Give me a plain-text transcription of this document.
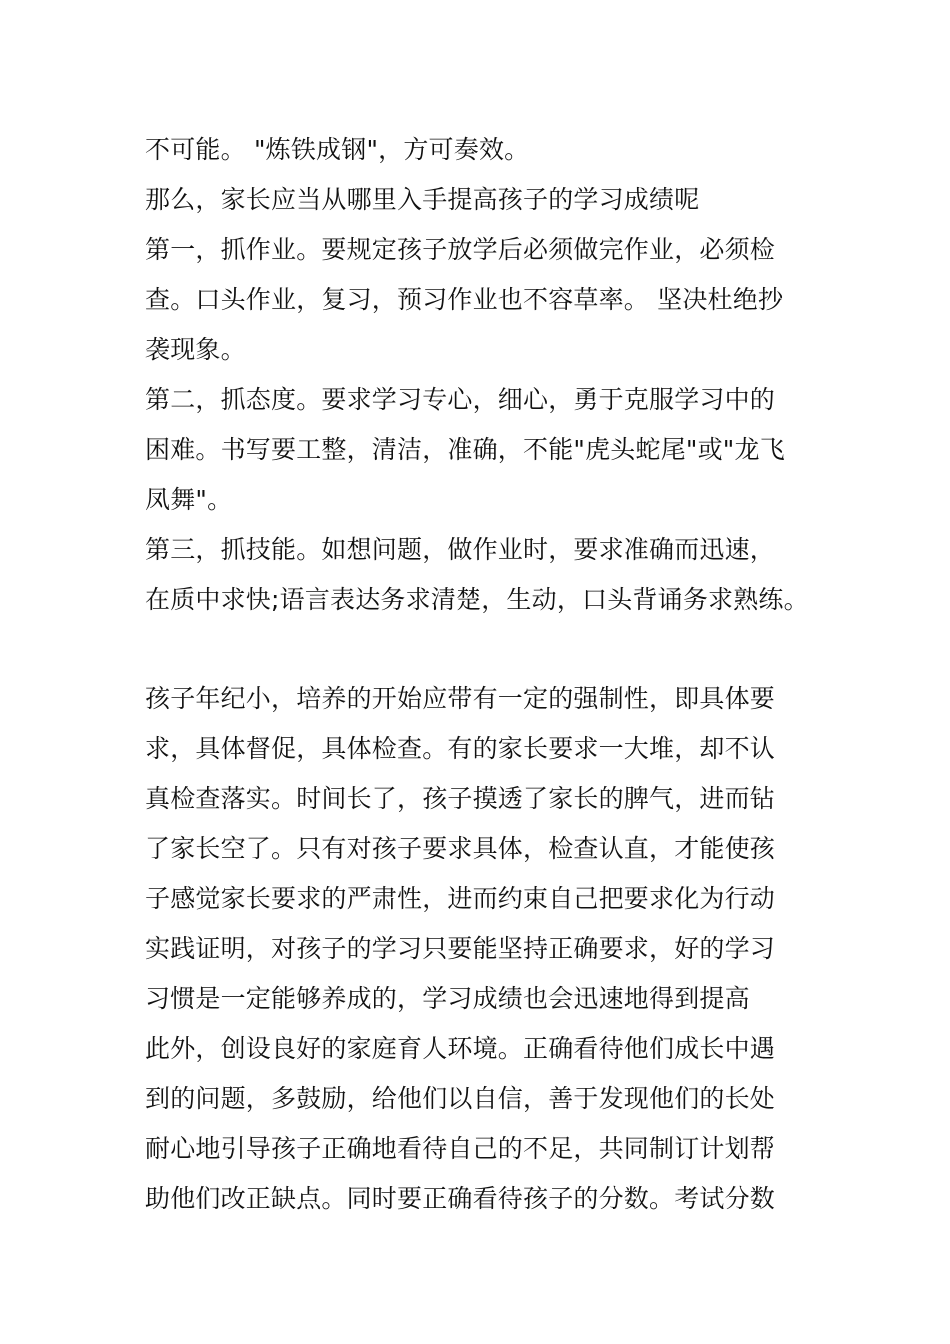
不可能。 "炼铁成钢"，方可奏效。
那么，家长应当从哪里入手提高孩子的学习成绩呢
第一，抓作业。要规定孩子放学后必须做完作业，必须检
查。口头作业，复习，预习作业也不容草率。 坚决杜绝抄
袭现象。
第二，抓态度。要求学习专心，细心，勇于克服学习中的
困难。书写要工整，清洁，准确，不能"虎头蛇尾"或"龙飞
凤舞"。
第三，抓技能。如想问题，做作业时，要求准确而迅速，
在质中求快;语言表达务求清楚，生动，口头背诵务求熟练。
孩子年纪小，培养的开始应带有一定的强制性，即具体要
求，具体督促，具体检查。有的家长要求一大堆，却不认
真检查落实。时间长了，孩子摸透了家长的脾气，进而钻
了家长空了。只有对孩子要求具体，检查认直，才能使孩
子感觉家长要求的严肃性，进而约束自己把要求化为行动
实践证明，对孩子的学习只要能坚持正确要求，好的学习
习惯是一定能够养成的，学习成绩也会迅速地得到提高
此外，创设良好的家庭育人环境。正确看待他们成长中遇
到的问题，多鼓励，给他们以自信，善于发现他们的长处
耐心地引导孩子正确地看待自己的不足，共同制订计划帮
助他们改正缺点。同时要正确看待孩子的分数。考试分数
